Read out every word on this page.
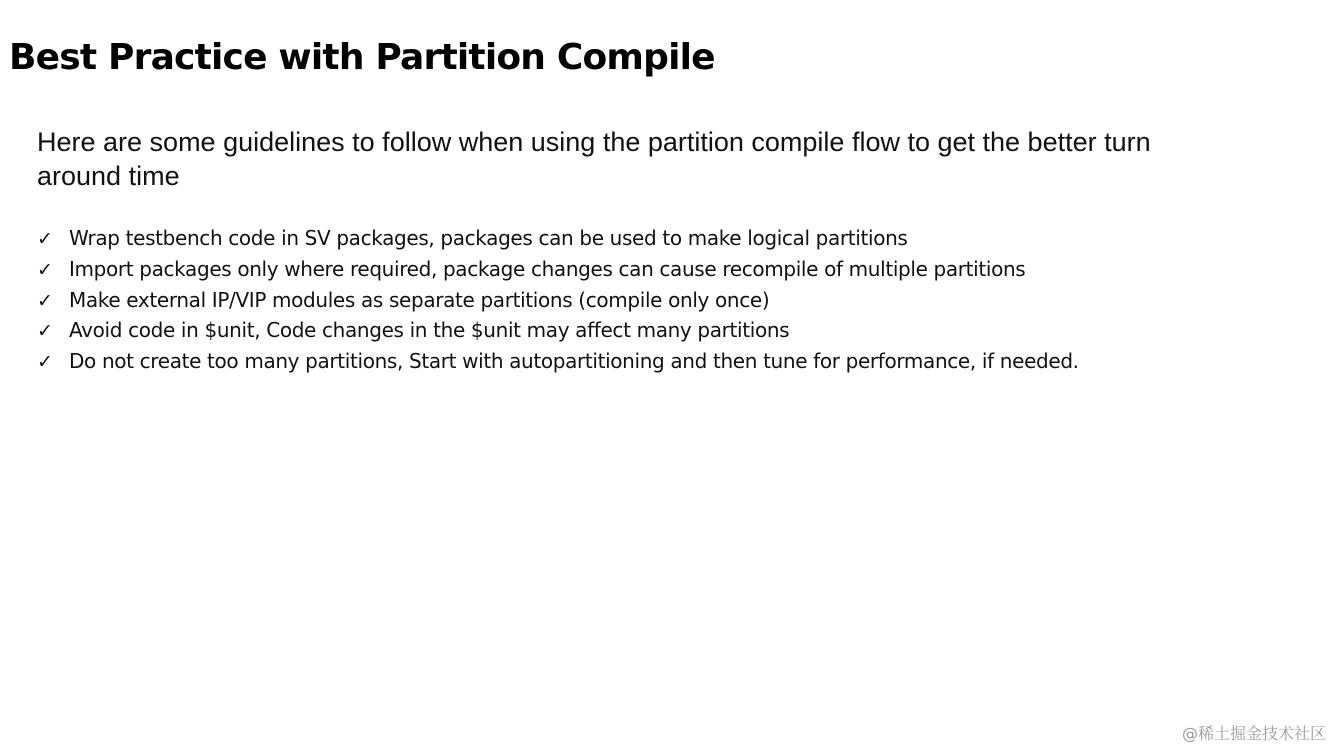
Best Practice with Partition Compile

Here are some guidelines to follow when using the partition compile flow to get the better turn around time

✓ Wrap testbench code in SV packages, packages can be used to make logical partitions
✓ Import packages only where required, package changes can cause recompile of multiple partitions
✓ Make external IP/VIP modules as separate partitions (compile only once)
✓ Avoid code in $unit, Code changes in the $unit may affect many partitions
✓ Do not create too many partitions, Start with autopartitioning and then tune for performance, if needed.
@稀土掘金技术社区
